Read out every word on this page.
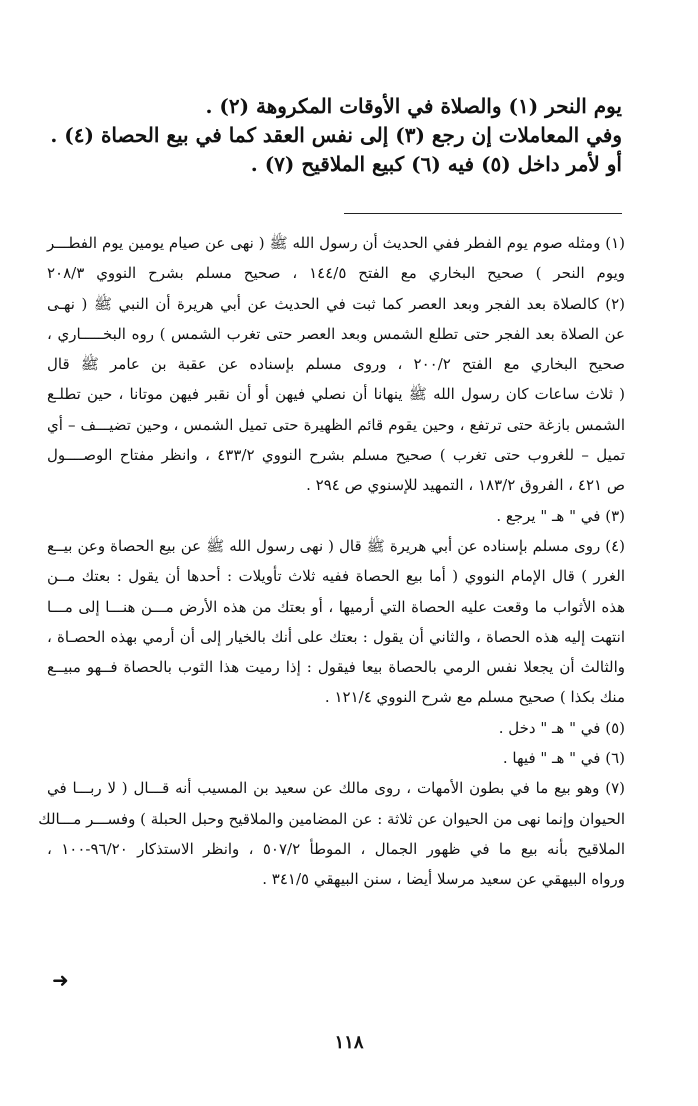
يوم النحر (١) والصلاة في الأوقات المكروهة (٢) .
وفي المعاملات إن رجع (٣) إلى نفس العقد كما في بيع الحصاة (٤) .
أو لأمر داخل (٥) فيه (٦) كبيع الملاقيح (٧) .
(١) ومثله صوم يوم الفطر ففي الحديث أن رسول الله ﷺ ( نهى عن صيام يومين يوم الفطـــر
ويوم النحر ) صحيح البخاري مع الفتح ١٤٤/٥ ، صحيح مسلم بشرح النووي ٢٠٨/٣
(٢) كالصلاة بعد الفجر وبعد العصر كما ثبت في الحديث عن أبي هريرة أن النبي ﷺ ( نهـى
عن الصلاة بعد الفجر حتى تطلع الشمس وبعد العصر حتى تغرب الشمس ) روه البخـــــاري ،
صحيح البخاري مع الفتح ٢٠٠/٢ ، وروى مسلم بإسناده عن عقبة بن عامر ﷺ قال
( ثلاث ساعات كان رسول الله ﷺ ينهانا أن نصلي فيهن أو أن نقبر فيهن موتانا ، حين تطلـع
الشمس بازغة حتى ترتفع ، وحين يقوم قائم الظهيرة حتى تميل الشمس ، وحين تضيـــف – أي
تميل – للغروب حتى تغرب ) صحيح مسلم بشرح النووي ٤٣٣/٢ ، وانظر مفتاح الوصــــول
ص ٤٢١ ، الفروق ١٨٣/٢ ، التمهيد للإسنوي ص ٢٩٤ .
(٣) في " هـ " يرجع .
(٤) روى مسلم بإسناده عن أبي هريرة ﷺ قال ( نهى رسول الله ﷺ عن بيع الحصاة وعن بيــع
الغرر ) قال الإمام النووي ( أما بيع الحصاة ففيه ثلاث تأويلات : أحدها أن يقول : بعتك مــن
هذه الأثواب ما وقعت عليه الحصاة التي أرميها ، أو بعتك من هذه الأرض مـــن هنـــا إلى مـــا
انتهت إليه هذه الحصاة ، والثاني أن يقول : بعتك على أنك بالخيار إلى أن أرمي بهذه الحصـاة ،
والثالث أن يجعلا نفس الرمي بالحصاة بيعا فيقول : إذا رميت هذا الثوب بالحصاة فــهو مبيــع
منك بكذا ) صحيح مسلم مع شرح النووي ١٢١/٤ .
(٥) في " هـ " دخل .
(٦) في " هـ " فيها .
(٧) وهو بيع ما في بطون الأمهات ، روى مالك عن سعيد بن المسيب أنه قـــال ( لا ربـــا في
الحيوان وإنما نهى من الحيوان عن ثلاثة : عن المضامين والملاقيح وحبل الحبلة ) وفســـر مـــالك
الملاقيح بأنه بيع ما في ظهور الجمال ، الموطأ ٥٠٧/٢ ، وانظر الاستذكار ٩٦/٢٠-١٠٠ ،
ورواه البيهقي عن سعيد مرسلا أيضا ، سنن البيهقي ٣٤١/٥ .
➜
١١٨
